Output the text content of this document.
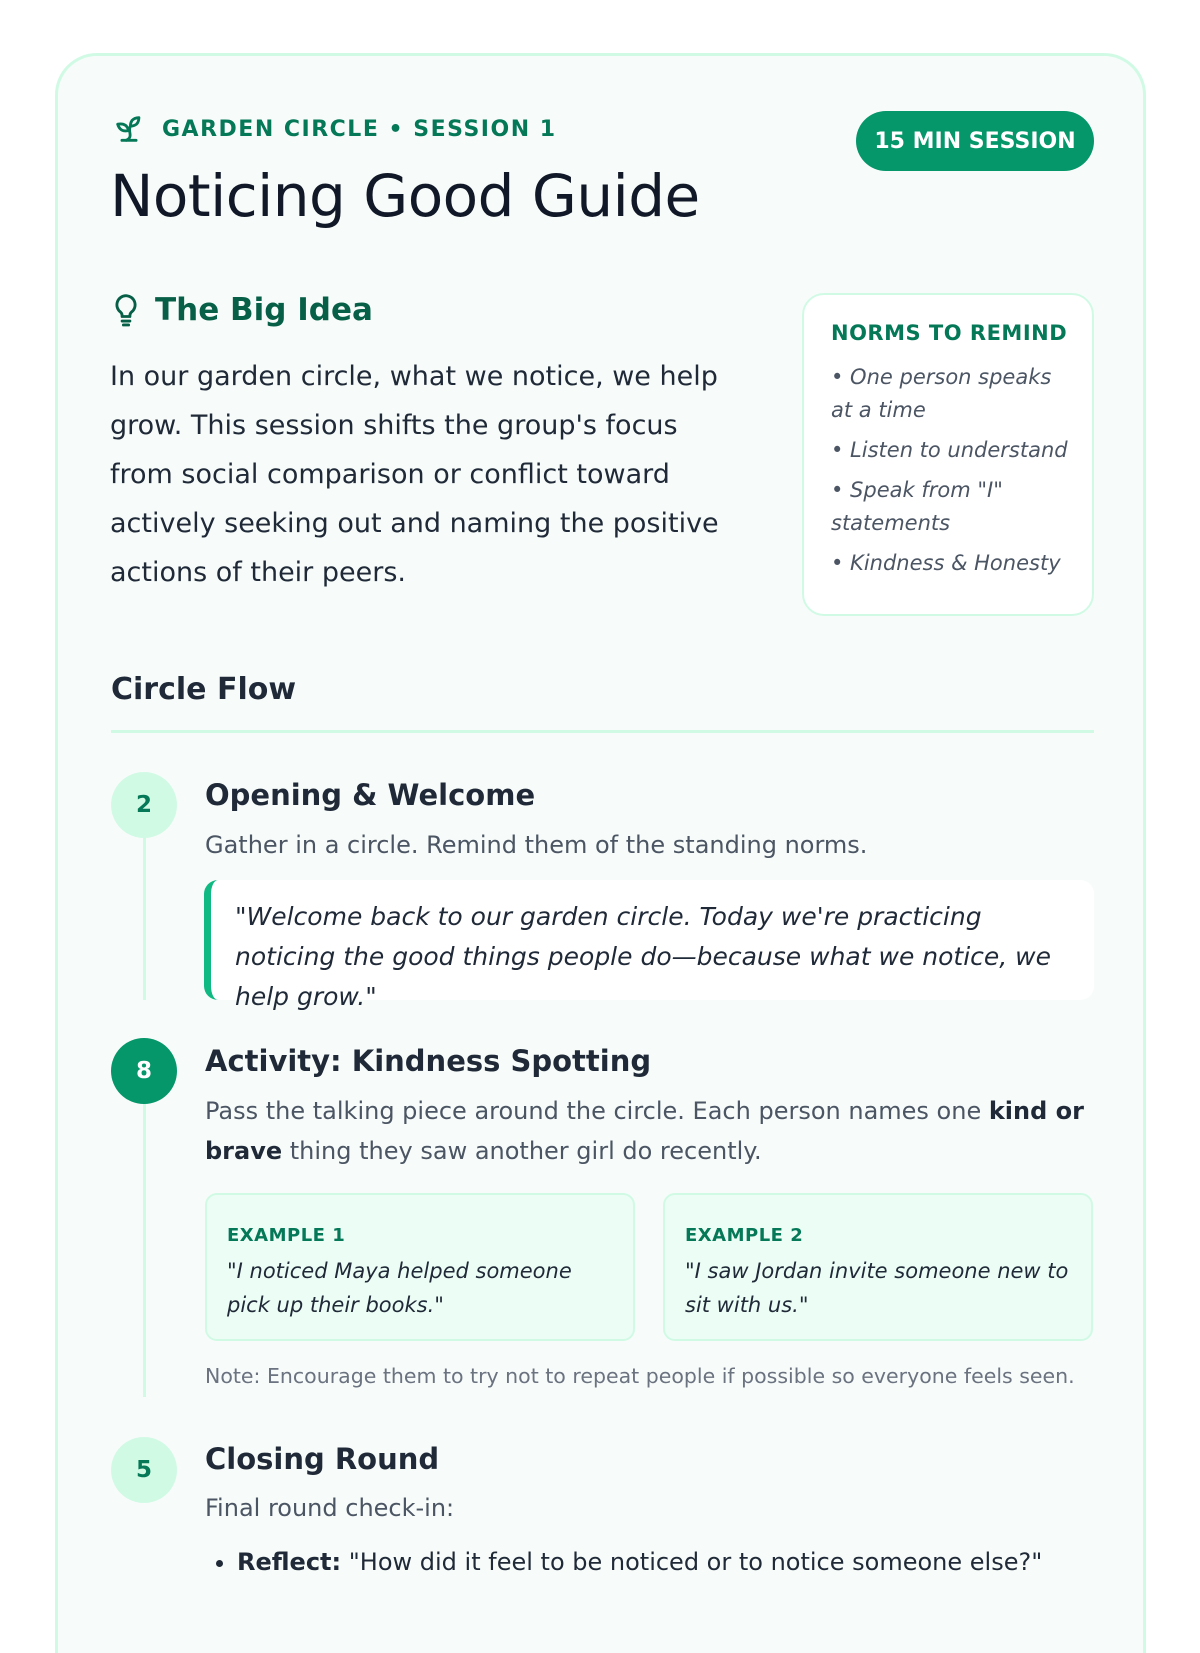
GARDEN CIRCLE • SESSION 1
Noticing Good Guide
15 MIN SESSION
The Big Idea

In our garden circle, what we notice, we help grow. This session shifts the group's focus from social comparison or conflict toward actively seeking out and naming the positive actions of their peers.

NORMS TO REMIND
• One person speaks at a time
• Listen to understand
• Speak from "I" statements
• Kindness & Honesty
Circle Flow
2	Opening & Welcome

Gather in a circle. Remind them of the standing norms.

"Welcome back to our garden circle. Today we're practicing noticing the good things people do—because what we notice, we help grow."
8	Activity: Kindness Spotting

Pass the talking piece around the circle. Each person names one kind or brave thing they saw another girl do recently.

EXAMPLE 1
"I noticed Maya helped someone pick up their books."
EXAMPLE 2
"I saw Jordan invite someone new to sit with us."
Note: Encourage them to try not to repeat people if possible so everyone feels seen.
5	Closing Round

Final round check-in:

• Reflect: "How did it feel to be noticed or to notice someone else?"
